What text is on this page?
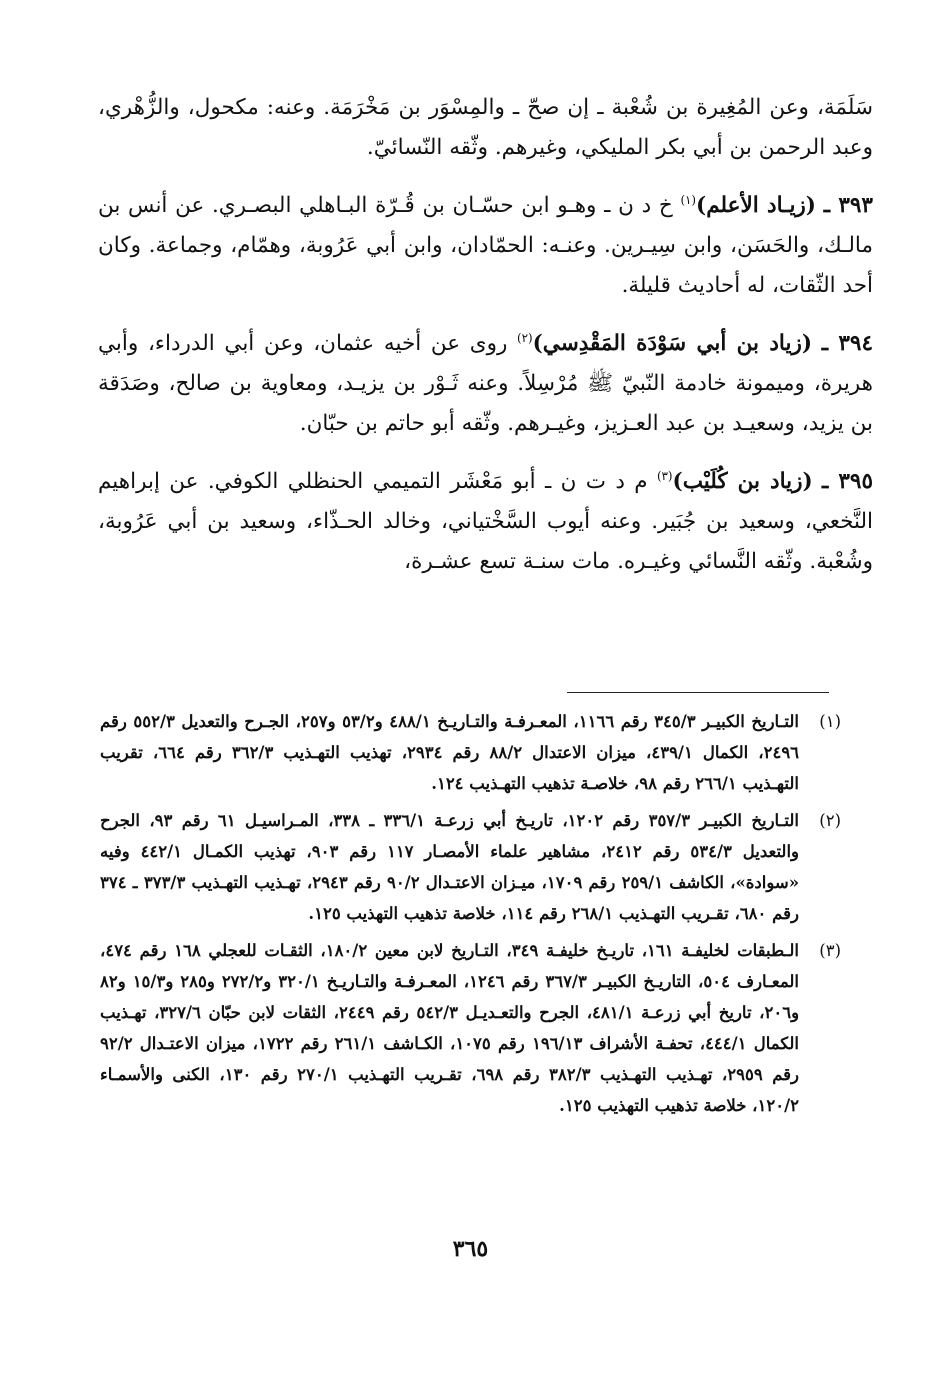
سَلَمَة، وعن المُغِيرة بن شُعْبة ـ إن صحّ ـ والمِسْوَر بن مَخْرَمَة. وعنه: مكحول، والزُّهْري، وعبد الرحمن بن أبي بكر المليكي، وغيرهم. وثّقه النّسائيّ.

٣٩٣ ـ (زيـاد الأعلم)$^{(١)}$ خ د ن ـ وهـو ابن حسّـان بن قُـرّة البـاهلي البصـري. عن أنس بن مالـك، والحَسَن، وابن سِيـرين. وعنـه: الحمّادان، وابن أبي عَرُوبة، وهمّام، وجماعة. وكان أحد الثّقات، له أحاديث قليلة.

٣٩٤ ـ (زياد بن أبي سَوْدَة المَقْدِسي)$^{(٢)}$ روى عن أخيه عثمان، وعن أبي الدرداء، وأبي هريرة، وميمونة خادمة النّبيّ ﷺ مُرْسِلاً. وعنه ثَـوْر بن يزيـد، ومعاوية بن صالح، وصَدَقة بن يزيد، وسعيـد بن عبد العـزيز، وغيـرهم. وثّقه أبو حاتم بن حبّان.

٣٩٥ ـ (زياد بن كُلَيْب)$^{(٣)}$ م د ت ن ـ أبو مَعْشَر التميمي الحنظلي الكوفي. عن إبراهيم النَّخعي، وسعيد بن جُبَير. وعنه أيوب السَّخْتياني، وخالد الحـذّاء، وسعيد بن أبي عَرُوبة، وشُعْبة. وثّقه النَّسائي وغيـره. مات سنـة تسع عشـرة،

(١)
التـاريخ الكبيـر ٣٤٥/٣ رقم ١١٦٦، المعـرفـة والتـاريـخ ٤٨٨/١ و٥٣/٢ و٢٥٧، الجـرح والتعديل ٥٥٢/٣ رقم ٢٤٩٦، الكمال ٤٣٩/١، ميزان الاعتدال ٨٨/٢ رقم ٢٩٣٤، تهذيب التهـذيب ٣٦٢/٣ رقم ٦٦٤، تقريب التهـذيب ٢٦٦/١ رقم ٩٨، خلاصـة تذهيب التهـذيب ١٢٤.
(٢)
التـاريخ الكبيـر ٣٥٧/٣ رقم ١٢٠٢، تاريـخ أبي زرعـة ٣٣٦/١ ـ ٣٣٨، المـراسيـل ٦١ رقم ٩٣، الجرح والتعديل ٥٣٤/٣ رقم ٢٤١٢، مشاهير علماء الأمصـار ١١٧ رقم ٩٠٣، تهذيب الكمـال ٤٤٢/١ وفيه «سوادة»، الكاشف ٢٥٩/١ رقم ١٧٠٩، ميـزان الاعتـدال ٩٠/٢ رقم ٢٩٤٣، تهـذيب التهـذيب ٣٧٣/٣ ـ ٣٧٤ رقم ٦٨٠، تقـريب التهـذيب ٢٦٨/١ رقم ١١٤، خلاصة تذهيب التهذيب ١٢٥.
(٣)
الـطبقات لخليفـة ١٦١، تاريـخ خليفـة ٣٤٩، التـاريخ لابن معين ١٨٠/٢، الثقـات للعجلي ١٦٨ رقم ٤٧٤، المعـارف ٥٠٤، التاريـخ الكبيـر ٣٦٧/٣ رقم ١٢٤٦، المعـرفـة والتـاريـخ ٣٢٠/١ و٢٧٢/٢ و٢٨٥ و١٥/٣ و٨٢ و٢٠٦، تاريخ أبي زرعـة ٤٨١/١، الجرح والتعـديـل ٥٤٢/٣ رقم ٢٤٤٩، الثقات لابن حبّان ٣٢٧/٦، تهـذيب الكمال ٤٤٤/١، تحفـة الأشراف ١٩٦/١٣ رقم ١٠٧٥، الكـاشف ٢٦١/١ رقم ١٧٢٢، ميزان الاعتـدال ٩٢/٢ رقم ٢٩٥٩، تهـذيب التهـذيب ٣٨٢/٣ رقم ٦٩٨، تقـريب التهـذيب ٢٧٠/١ رقم ١٣٠، الكنى والأسمـاء ١٢٠/٢، خلاصة تذهيب التهذيب ١٢٥.
٣٦٥
